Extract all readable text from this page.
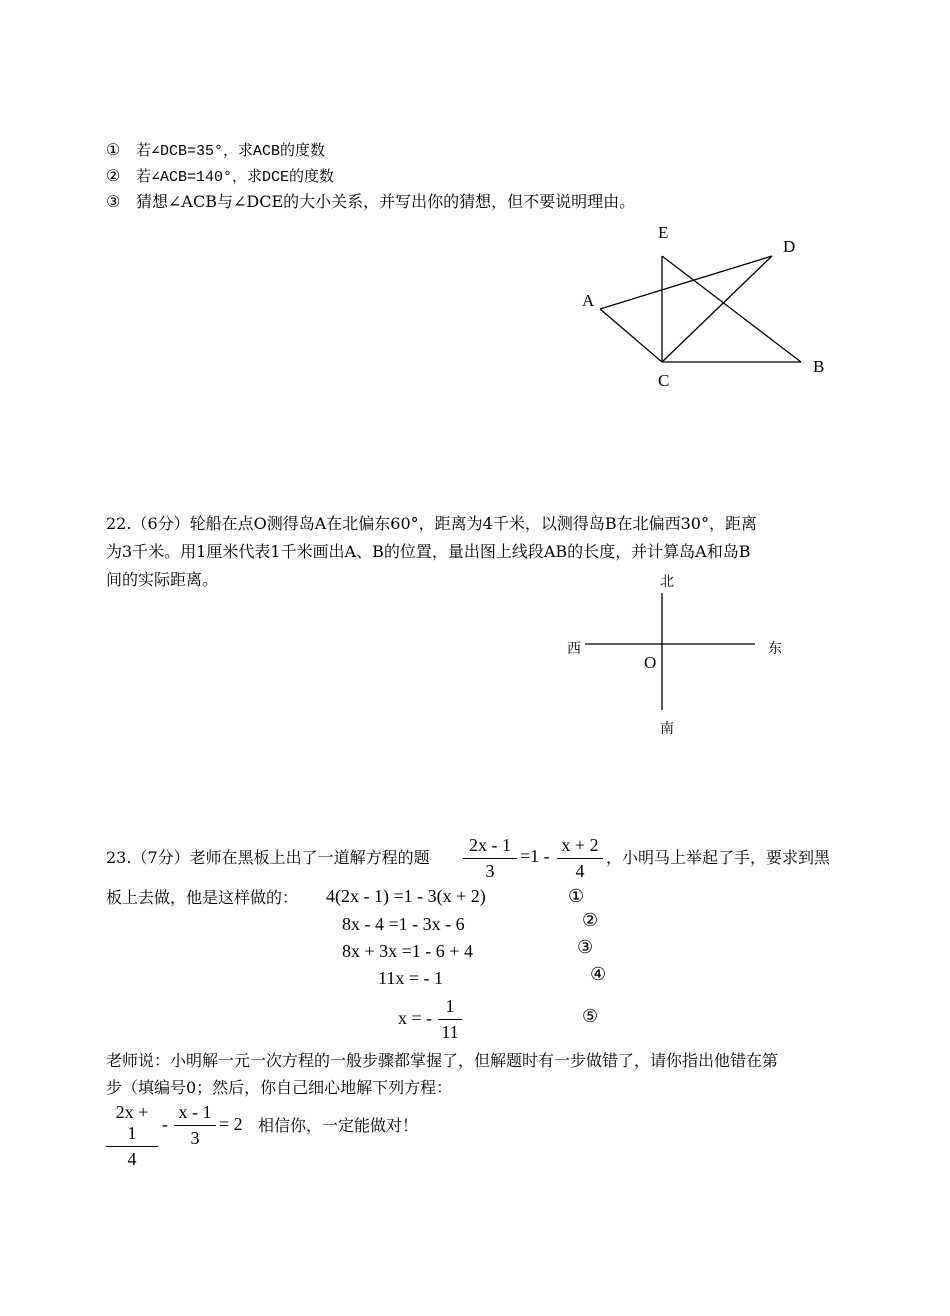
① 若∠DCB=35°，求ACB的度数
② 若∠ACB=140°，求DCE的度数
③ 猜想∠ACB与∠DCE的大小关系，并写出你的猜想，但不要说明理由。
E
D
A
B
C
22.（6分）轮船在点O测得岛A在北偏东60°，距离为4千米，以测得岛B在北偏西30°，距离
为3千米。用1厘米代表1千米画出A、B的位置，量出图上线段AB的长度，并计算岛A和岛B
间的实际距离。	北
西	东
O
南
23.（7分）老师在黑板上出了一道解方程的题
2x - 1
3
=1 -
x + 2
4
，小明马上举起了手，要求到黑
板上去做，他是这样做的： 4(2x - 1) =1 - 3(x + 2)	①
8x - 4 =1 - 3x - 6	②
8x + 3x =1 - 6 + 4	③
11x = - 1	④
x = -
1
11
⑤
老师说：小明解一元一次方程的一般步骤都掌握了，但解题时有一步做错了，请你指出他错在第
步（填编号0；然后，你自己细心地解下列方程：
2x + 1
4
-
x - 1
3
= 2 相信你，一定能做对！
